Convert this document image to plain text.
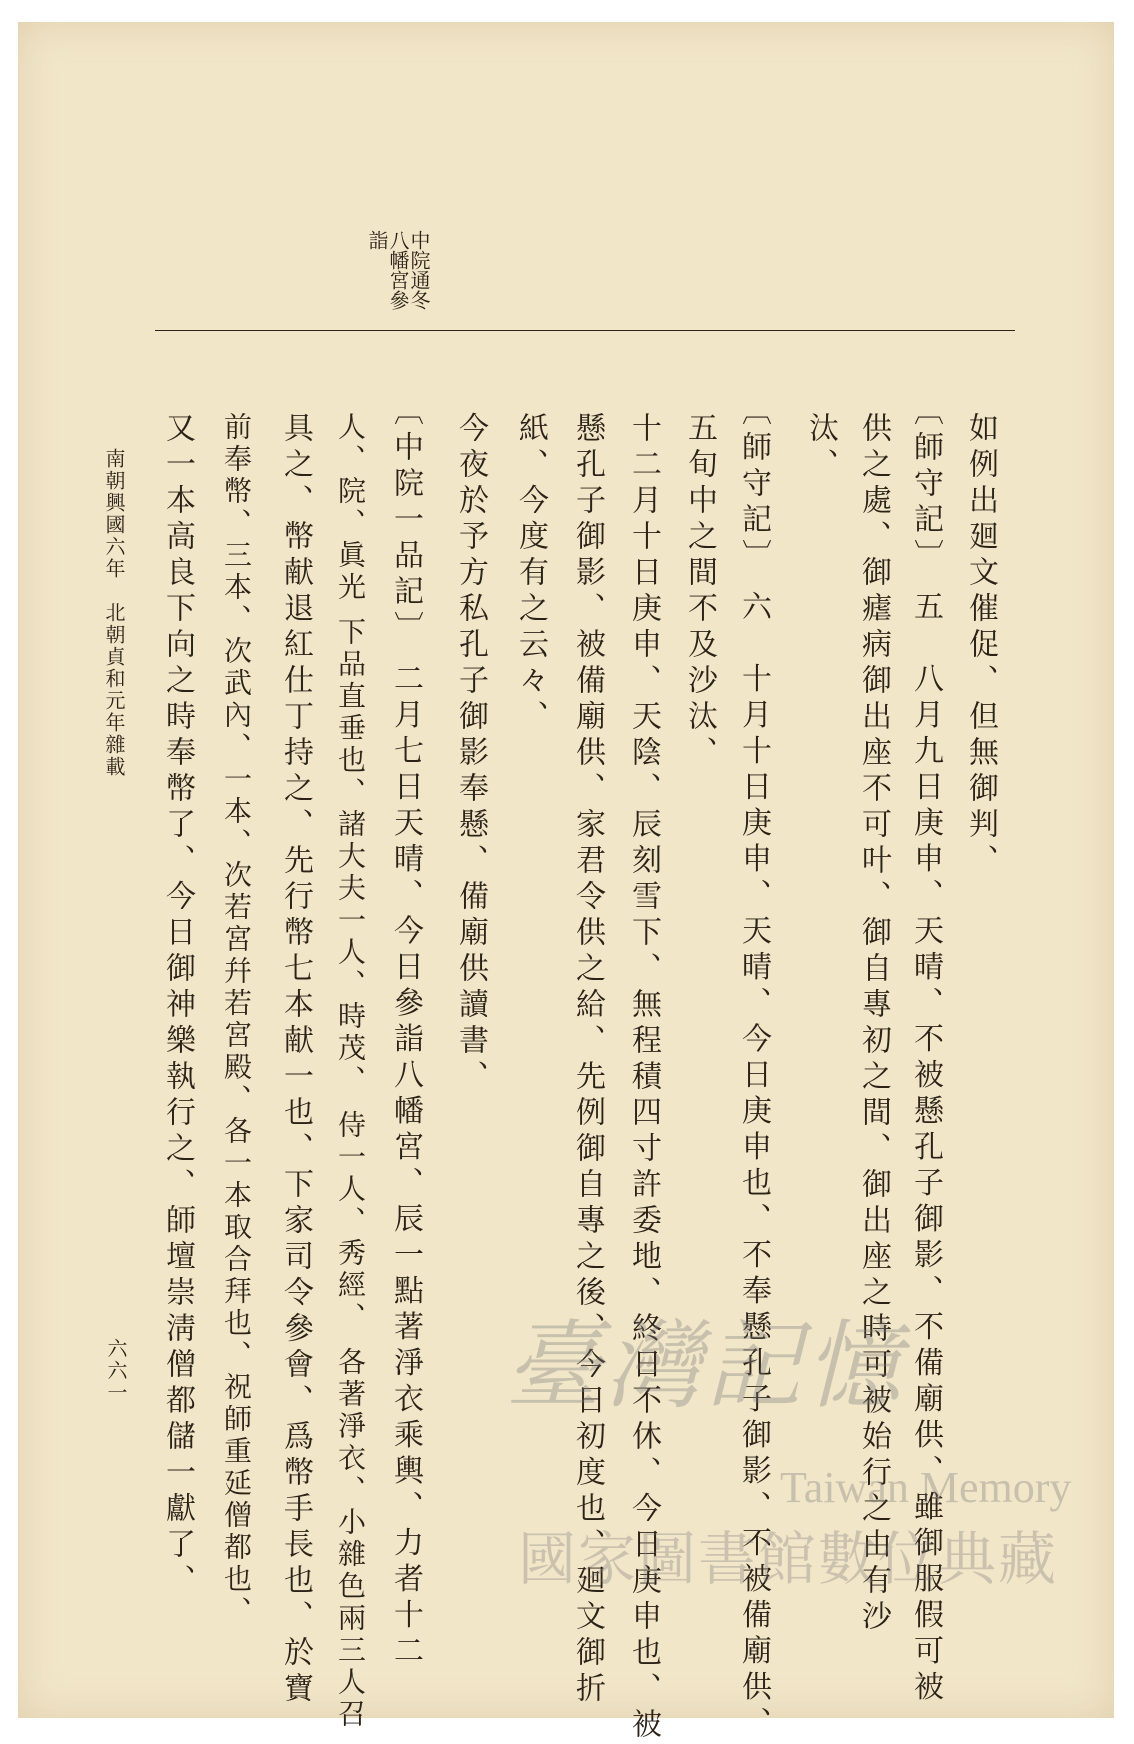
中院通冬 八幡宮參詣
如例出廻文催促、但無御判、
〔師守記〕 五　八月九日庚申、天晴、不被懸孔子御影、不備廟供、雖御服假可被
供之處、御瘧病御出座不可叶、御自專初之間、御出座之時可被始行之由有沙
汰、
〔師守記〕 六　十月十日庚申、天晴、今日庚申也、不奉懸孔子御影、不被備廟供、
五旬中之間不及沙汰、
十二月十日庚申、天陰、辰刻雪下、無程積四寸許委地、終日不休、今日庚申也、被
懸孔子御影、被備廟供、家君令供之給、先例御自專之後、今日初度也、廻文御折
紙、今度有之云々、
今夜於予方私孔子御影奉懸、備廟供讀書、
〔中院一品記〕 二月七日天晴、今日參詣八幡宮、辰一點著淨衣乘輿、力者十二
人、院、眞光 下品直垂也、諸大夫一人、時茂、 侍一人、秀經、 各著淨衣、小雜色兩三人召
具之、幣献退紅仕丁持之、先行幣七本献一也、下家司令參會、爲幣手長也、於寶
前奉幣、三本、次武內、一本、次若宮幷若宮殿、各一本取合拜也、祝師重延僧都也、
又一本高良下向之時奉幣了、今日御神樂執行之、師壇崇淸僧都儲一獻了、
南朝興國六年　北朝貞和元年雜載
六六一	臺灣記憶
Taiwan Memory
國家圖書館數位典藏
